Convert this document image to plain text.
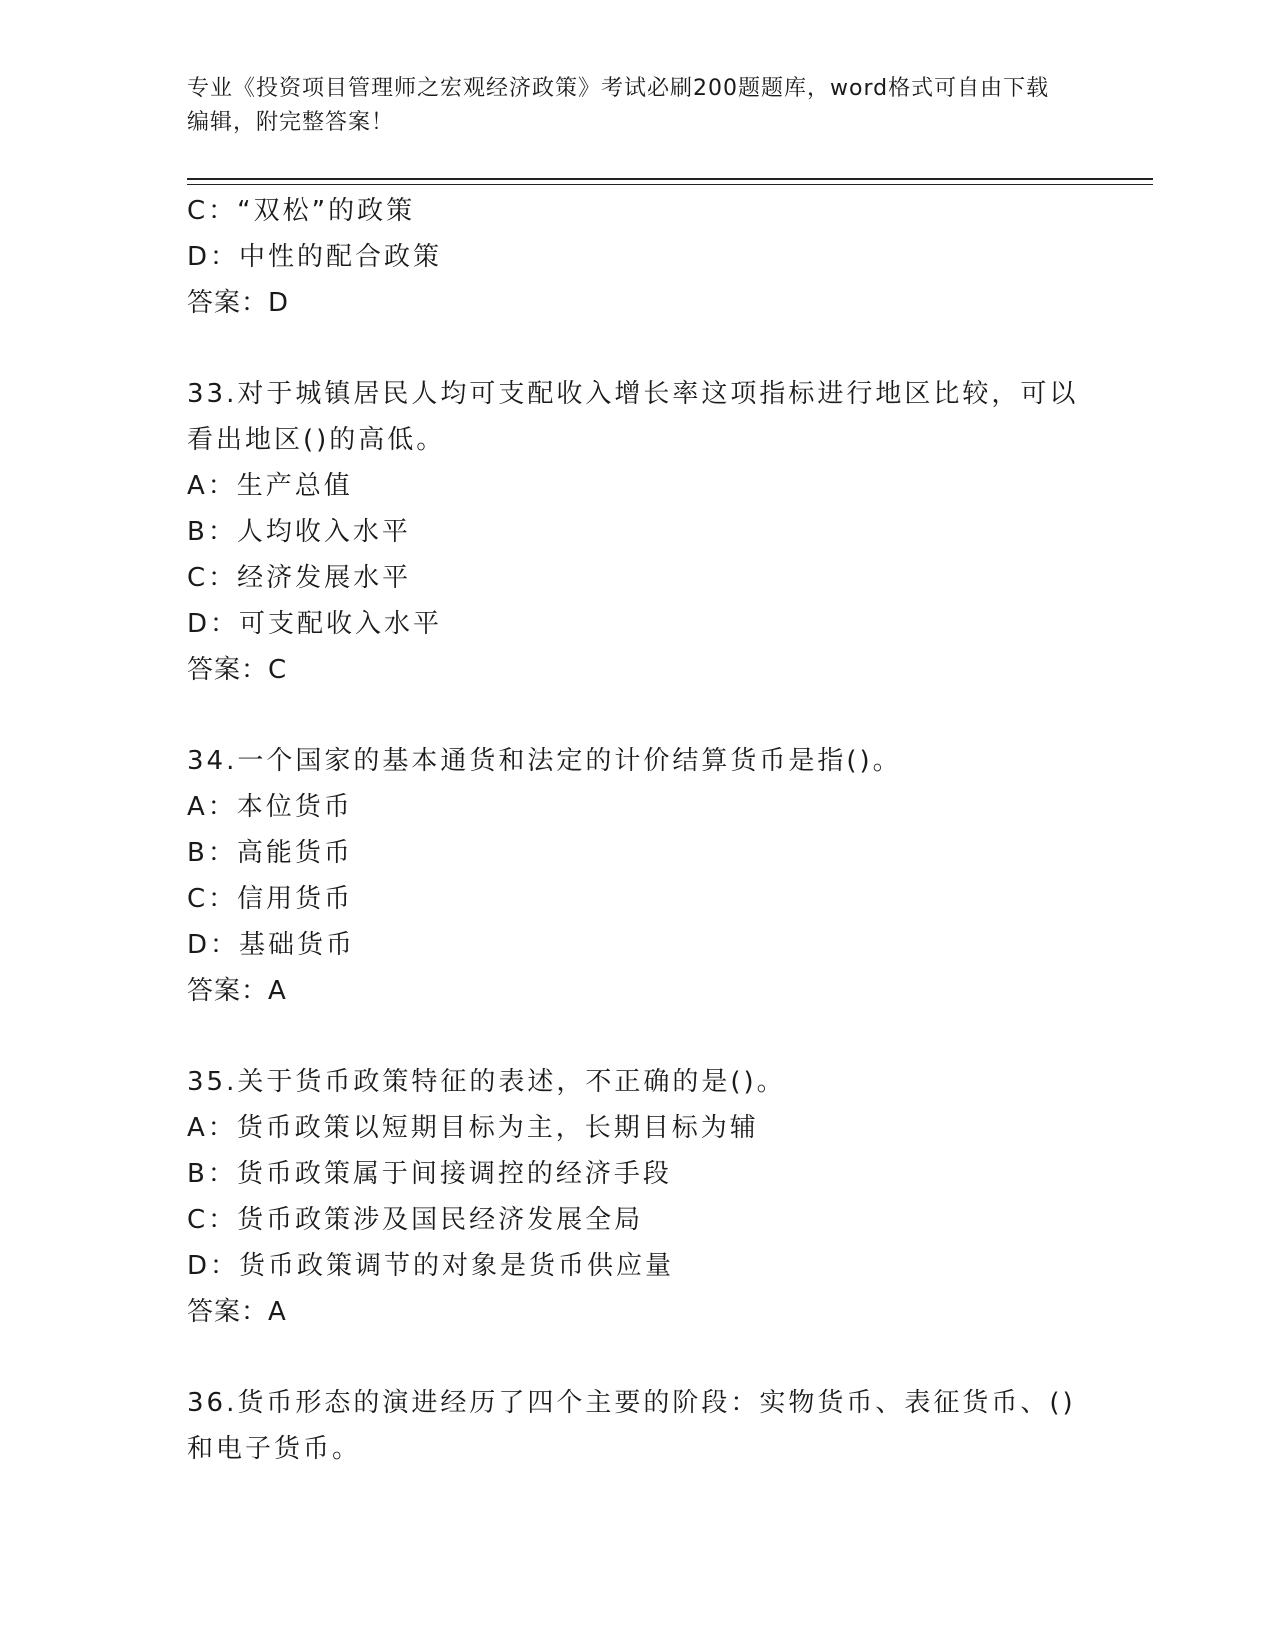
专业《投资项目管理师之宏观经济政策》考试必刷200题题库，word格式可自由下载编辑，附完整答案！
C：“双松”的政策
D：中性的配合政策
答案：D
33.对于城镇居民人均可支配收入增长率这项指标进行地区比较，可以看出地区()的高低。
A：生产总值
B：人均收入水平
C：经济发展水平
D：可支配收入水平
答案：C
34.一个国家的基本通货和法定的计价结算货币是指()。
A：本位货币
B：高能货币
C：信用货币
D：基础货币
答案：A
35.关于货币政策特征的表述，不正确的是()。
A：货币政策以短期目标为主，长期目标为辅
B：货币政策属于间接调控的经济手段
C：货币政策涉及国民经济发展全局
D：货币政策调节的对象是货币供应量
答案：A
36.货币形态的演进经历了四个主要的阶段：实物货币、表征货币、()和电子货币。
